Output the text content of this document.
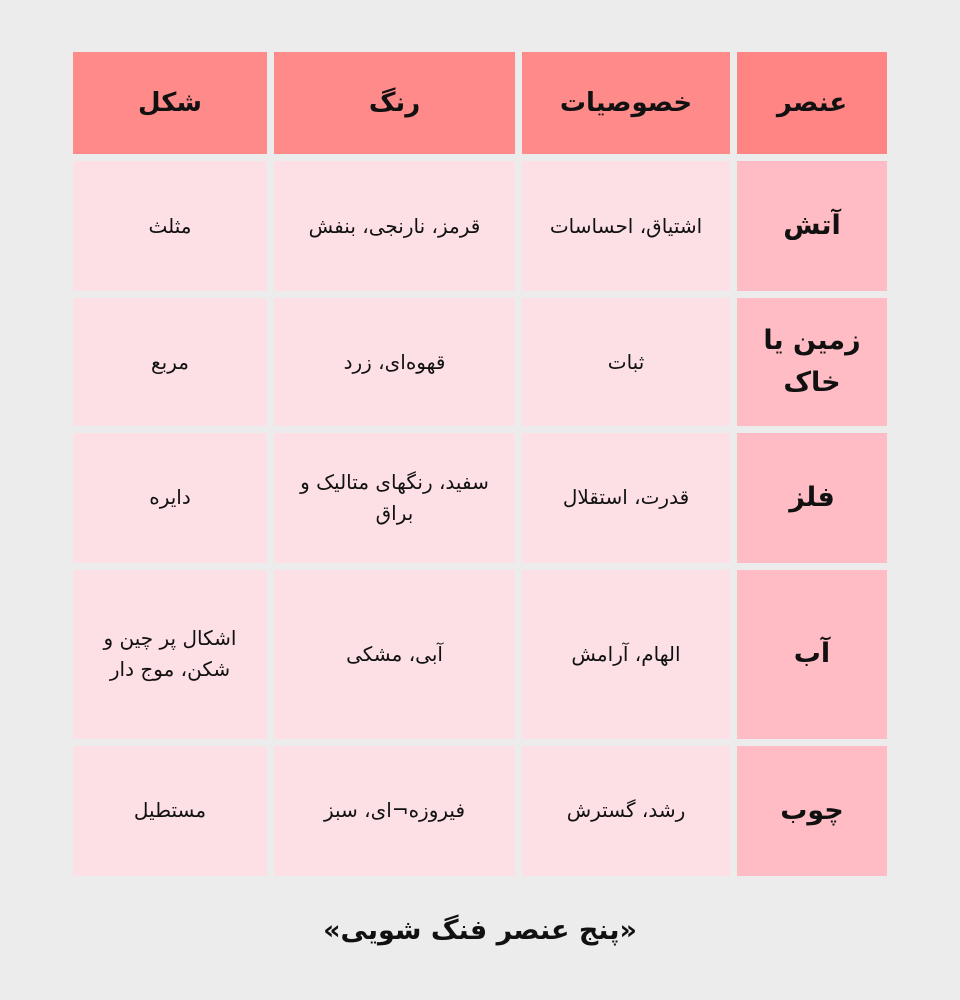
عنصر	خصوصیات	رنگ	شکل
آتش	اشتیاق، احساسات	قرمز، نارنجی، بنفش	مثلث
زمین یا خاک	ثبات	قهوه‌ای، زرد	مربع
فلز	قدرت، استقلال	سفید، رنگهای متالیک و براق	دایره
آب	الهام، آرامش	آبی، مشکی	اشکال پر چین و شکن، موج دار
چوب	رشد، گسترش	فیروزه¬ای، سبز	مستطیل
«پنج عنصر فنگ شویی»
